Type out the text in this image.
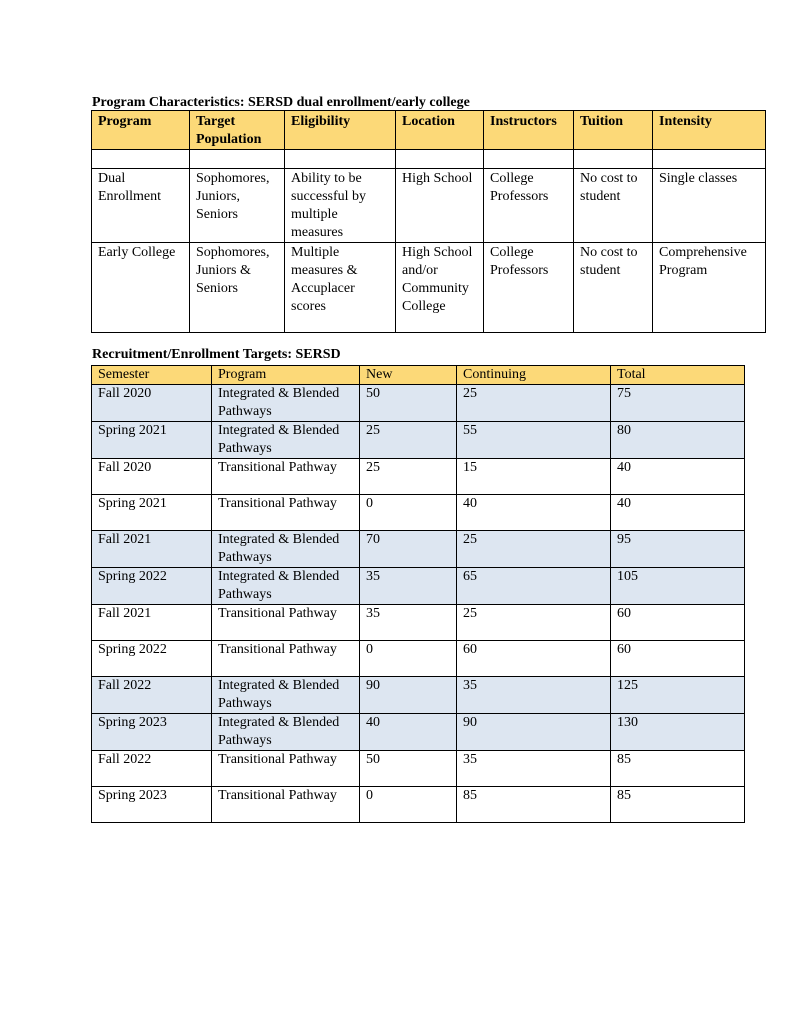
Program Characteristics: SERSD dual enrollment/early college
Program	Target Population	Eligibility	Location	Instructors	Tuition	Intensity

Dual Enrollment	Sophomores, Juniors, Seniors	Ability to be successful by multiple measures	High School	College Professors	No cost to student	Single classes
Early College	Sophomores, Juniors & Seniors	Multiple measures & Accuplacer scores	High School and/or Community College	College Professors	No cost to student	Comprehensive Program
Recruitment/Enrollment Targets: SERSD
Semester	Program	New	Continuing	Total
Fall 2020	Integrated & Blended Pathways	50	25	75
Spring 2021	Integrated & Blended Pathways	25	55	80
Fall 2020	Transitional Pathway	25	15	40
Spring 2021	Transitional Pathway	0	40	40
Fall 2021	Integrated & Blended Pathways	70	25	95
Spring 2022	Integrated & Blended Pathways	35	65	105
Fall 2021	Transitional Pathway	35	25	60
Spring 2022	Transitional Pathway	0	60	60
Fall 2022	Integrated & Blended Pathways	90	35	125
Spring 2023	Integrated & Blended Pathways	40	90	130
Fall 2022	Transitional Pathway	50	35	85
Spring 2023	Transitional Pathway	0	85	85
